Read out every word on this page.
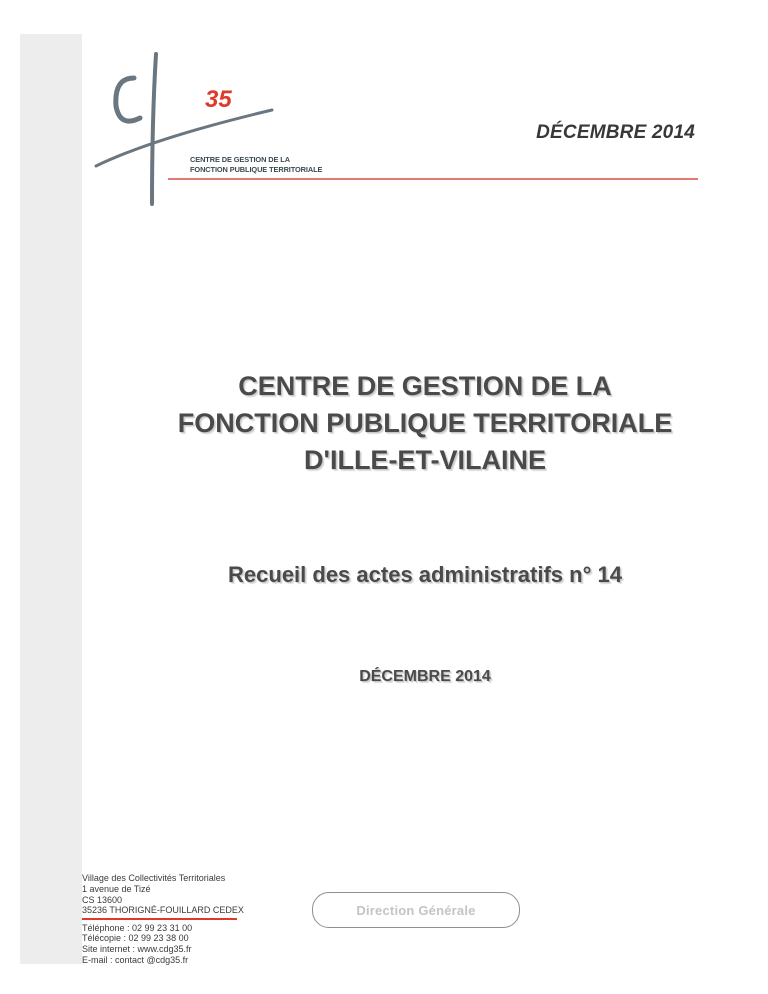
35
CENTRE DE GESTION DE LA
FONCTION PUBLIQUE TERRITORIALE
DÉCEMBRE 2014
CENTRE DE GESTION DE LA
FONCTION PUBLIQUE TERRITORIALE
D'ILLE-ET-VILAINE
Recueil des actes administratifs n° 14
DÉCEMBRE 2014
Village des Collectivités Territoriales
1 avenue de Tizé
CS 13600
35236 THORIGNÉ-FOUILLARD CEDEX
Téléphone : 02 99 23 31 00
Télécopie : 02 99 23 38 00
Site internet : www.cdg35.fr
E-mail : contact @cdg35.fr
Direction Générale
